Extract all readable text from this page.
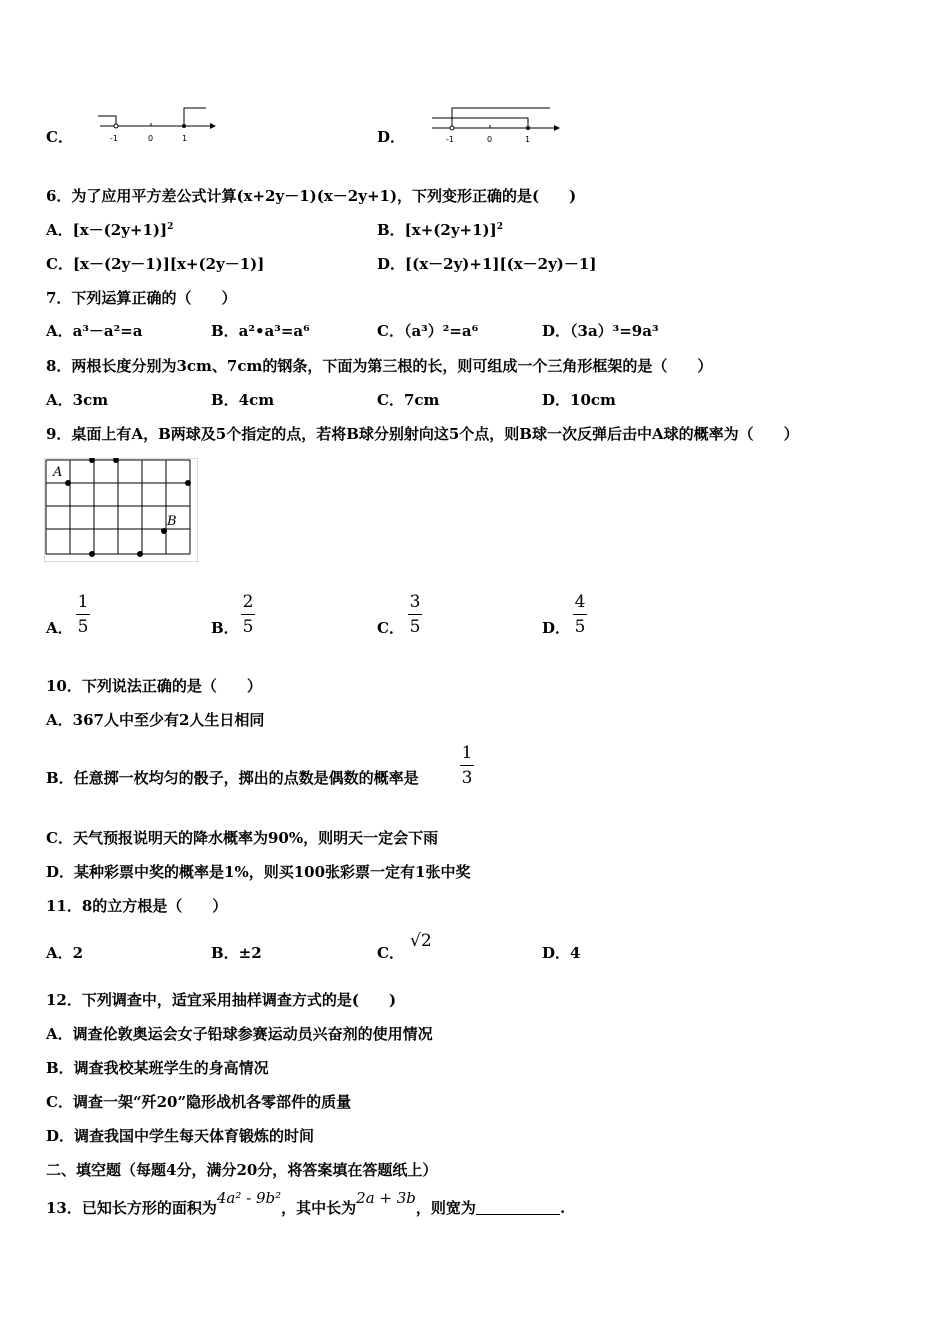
C．	-1	0	1	D．	-1	0	1
6．为了应用平方差公式计算(x+2y－1)(x－2y+1)，下列变形正确的是(　　)
A．$[x-(2y+1)]^2$	B．$[x+(2y+1)]^2$
C．[x－(2y－1)][x+(2y－1)]	D．[(x－2y)+1][(x－2y)－1]
7．下列运算正确的（　　）
A．a³－a²=a	B．a²•a³=a⁶	C．（a³）²=a⁶	D．（3a）³=9a³
8．两根长度分别为3cm、7cm的钢条，下面为第三根的长，则可组成一个三角形框架的是（　　）
A．3cm	B．4cm	C．7cm	D．10cm
9．桌面上有A，B两球及5个指定的点，若将B球分别射向这5个点，则B球一次反弹后击中A球的概率为（　　）
A
B
A． $\frac{1}{5}$	B． $\frac{2}{5}$	C． $\frac{3}{5}$	D． $\frac{4}{5}$
10．下列说法正确的是（　　）
A．367人中至少有2人生日相同
B．任意掷一枚均匀的骰子，掷出的点数是偶数的概率是 $\frac{1}{3}$
C．天气预报说明天的降水概率为90%，则明天一定会下雨
D．某种彩票中奖的概率是1%，则买100张彩票一定有1张中奖
11．8的立方根是（　　）
A．2	B．±2	C．
√2
D．4
12．下列调查中，适宜采用抽样调查方式的是(　　)
A．调查伦敦奥运会女子铅球参赛运动员兴奋剂的使用情况
B．调查我校某班学生的身高情况
C．调查一架“歼20”隐形战机各零部件的质量
D．调查我国中学生每天体育锻炼的时间
二、填空题（每题4分，满分20分，将答案填在答题纸上）
13．已知长方形的面积为4a² - 9b²，其中长为2a + 3b，则宽为	.
